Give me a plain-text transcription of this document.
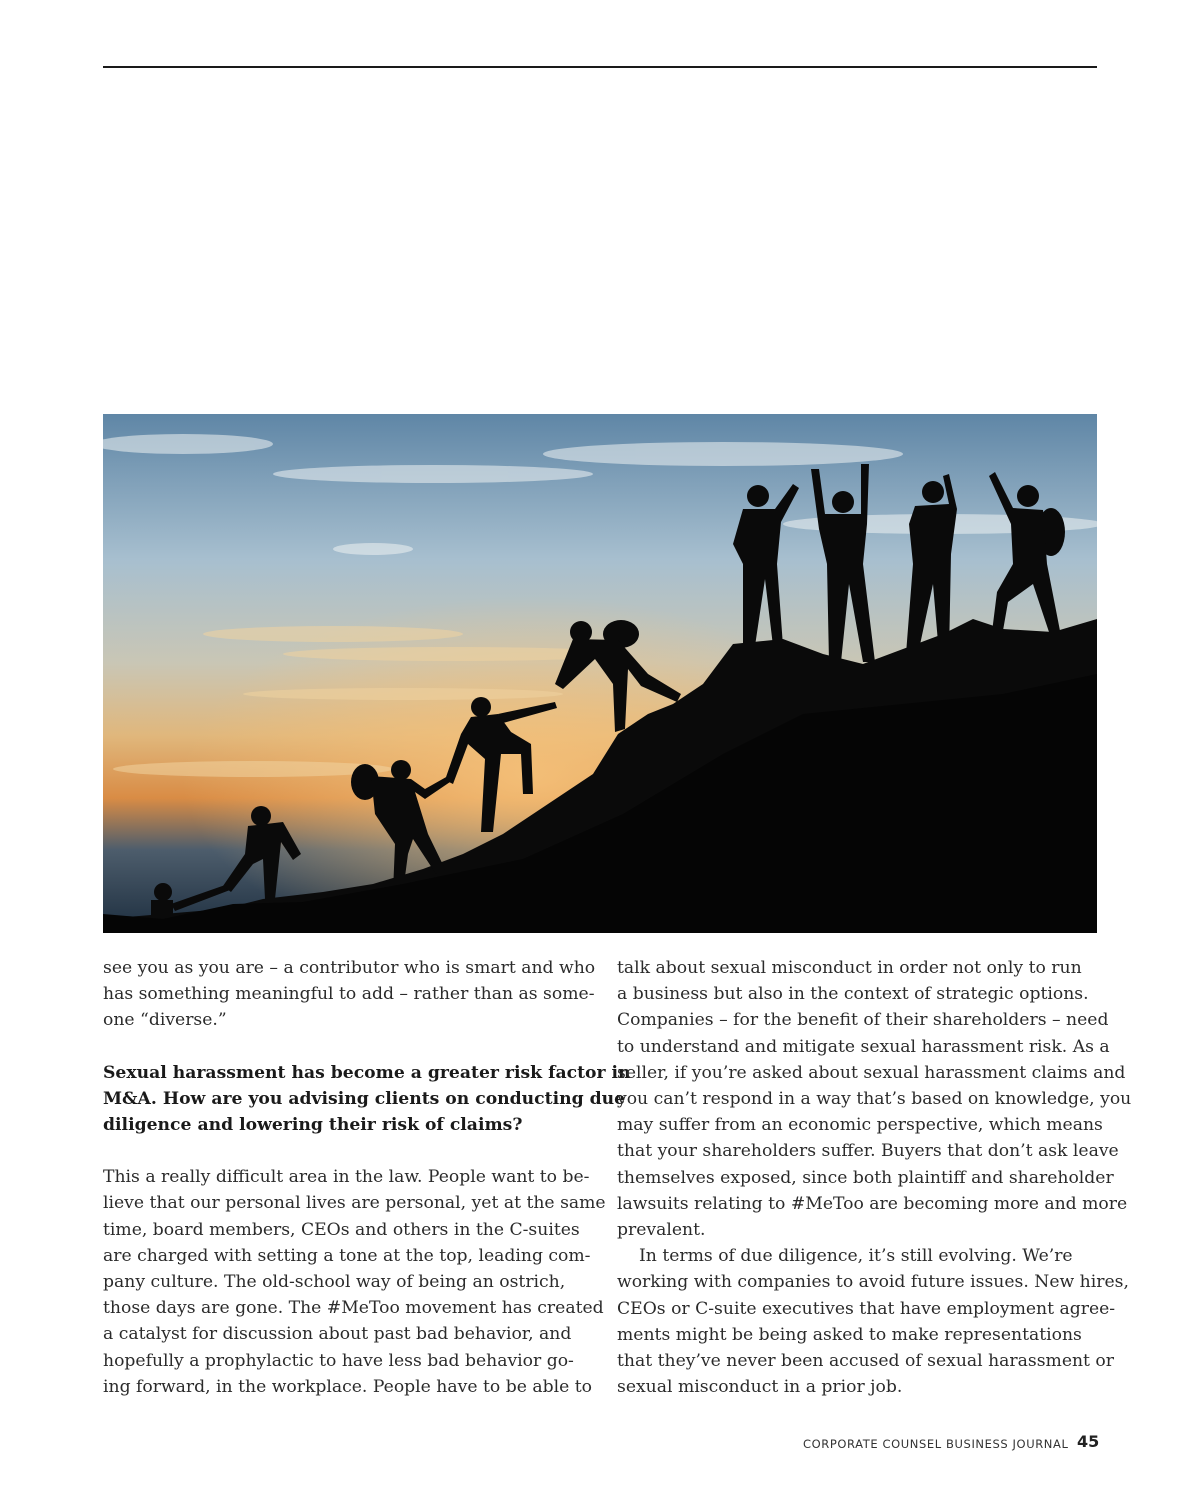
see you as you are – a contributor who is smart and who
has something meaningful to add – rather than as some-
one “diverse.”

Sexual harassment has become a greater risk factor in
M&A. How are you advising clients on conducting due
diligence and lowering their risk of claims?

This a really difficult area in the law. People want to be-
lieve that our personal lives are personal, yet at the same
time, board members, CEOs and others in the C-suites
are charged with setting a tone at the top, leading com-
pany culture. The old-school way of being an ostrich,
those days are gone. The #MeToo movement has created
a catalyst for discussion about past bad behavior, and
hopefully a prophylactic to have less bad behavior go-
ing forward, in the workplace. People have to be able to

talk about sexual misconduct in order not only to run
a business but also in the context of strategic options.
Companies – for the benefit of their shareholders – need
to understand and mitigate sexual harassment risk. As a
seller, if you’re asked about sexual harassment claims and
you can’t respond in a way that’s based on knowledge, you
may suffer from an economic perspective, which means
that your shareholders suffer. Buyers that don’t ask leave
themselves exposed, since both plaintiff and shareholder
lawsuits relating to #MeToo are becoming more and more
prevalent.

In terms of due diligence, it’s still evolving. We’re
working with companies to avoid future issues. New hires,
CEOs or C-suite executives that have employment agree-
ments might be being asked to make representations
that they’ve never been accused of sexual harassment or
sexual misconduct in a prior job.

CORPORATE COUNSEL BUSINESS JOURNAL 45
